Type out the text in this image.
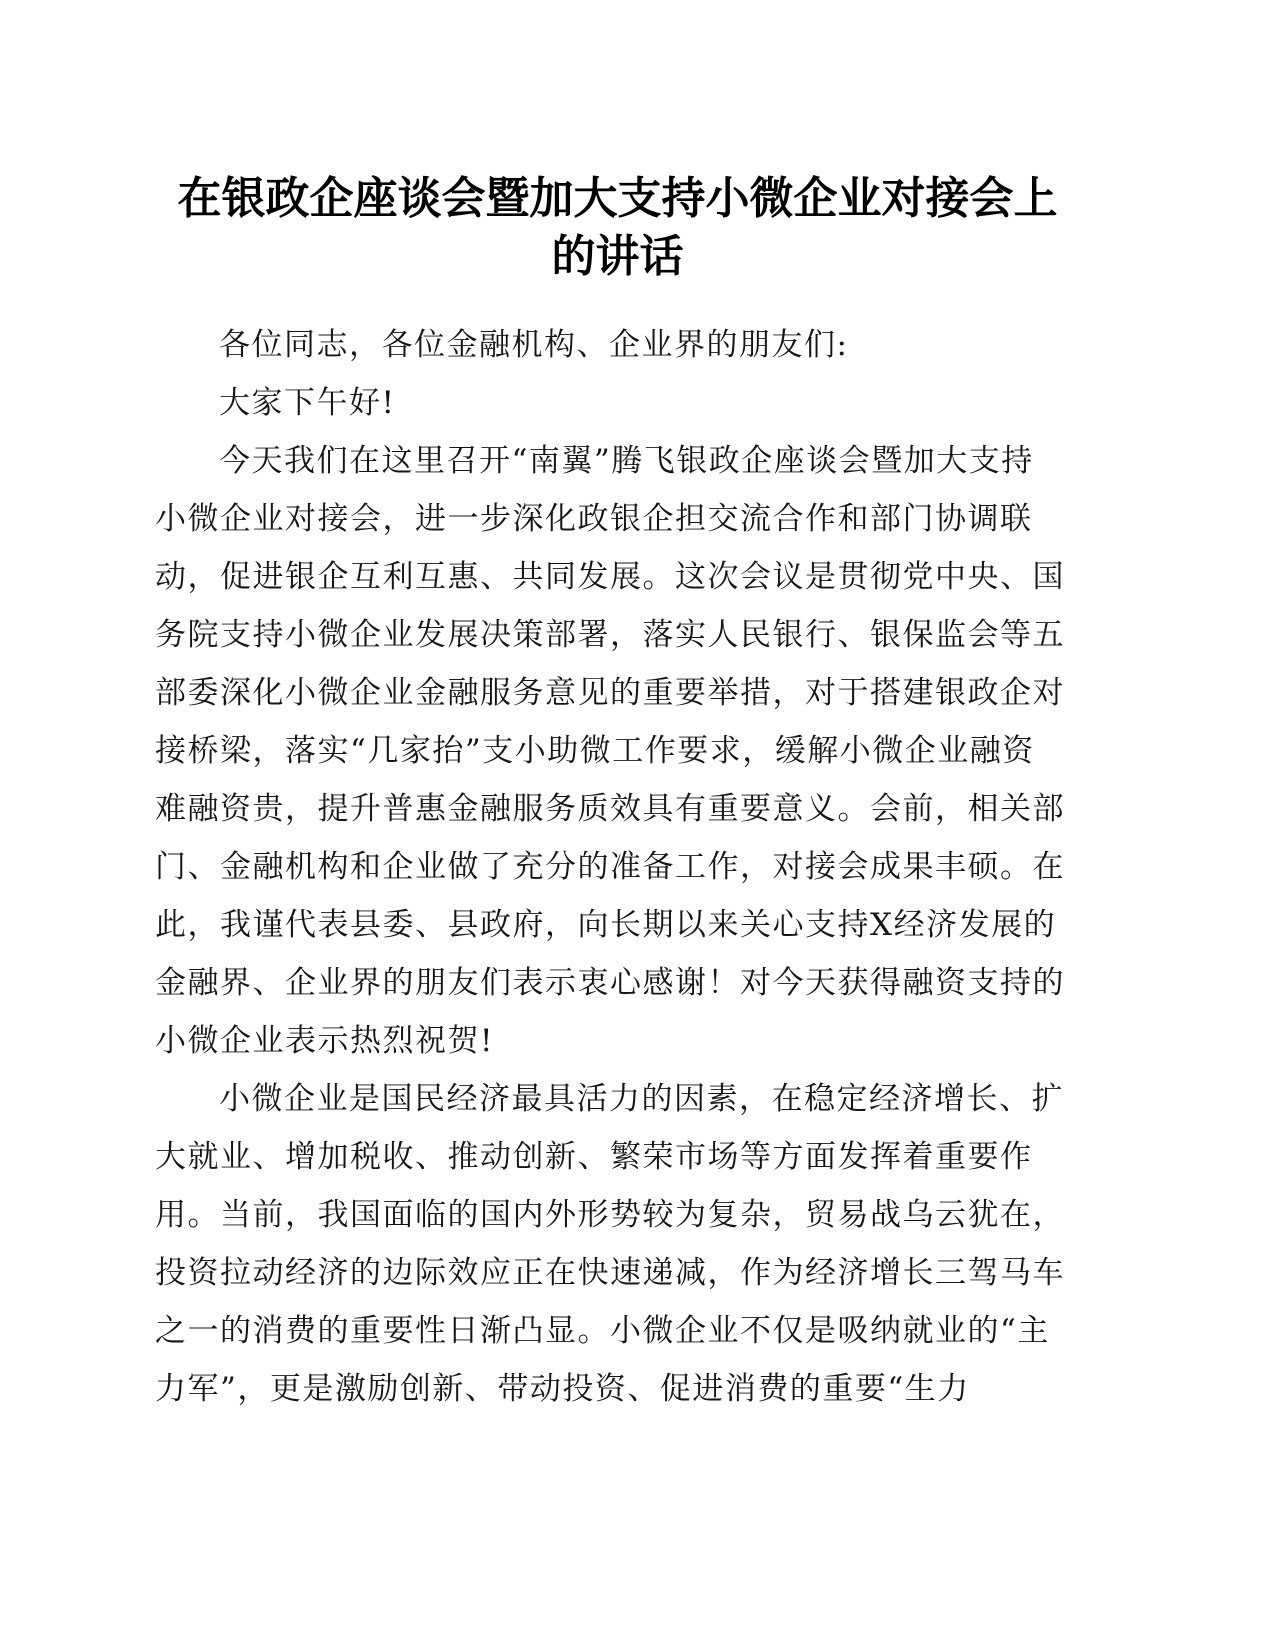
在银政企座谈会暨加大支持小微企业对接会上
的讲话
各位同志，各位金融机构、企业界的朋友们:
大家下午好!
今天我们在这里召开“南翼”腾飞银政企座谈会暨加大支持
小微企业对接会，进一步深化政银企担交流合作和部门协调联
动，促进银企互利互惠、共同发展。这次会议是贯彻党中央、国
务院支持小微企业发展决策部署，落实人民银行、银保监会等五
部委深化小微企业金融服务意见的重要举措，对于搭建银政企对
接桥梁，落实“几家抬”支小助微工作要求，缓解小微企业融资
难融资贵，提升普惠金融服务质效具有重要意义。会前，相关部
门、金融机构和企业做了充分的准备工作，对接会成果丰硕。在
此，我谨代表县委、县政府，向长期以来关心支持X经济发展的
金融界、企业界的朋友们表示衷心感谢！对今天获得融资支持的
小微企业表示热烈祝贺!
小微企业是国民经济最具活力的因素，在稳定经济增长、扩
大就业、增加税收、推动创新、繁荣市场等方面发挥着重要作
用。当前，我国面临的国内外形势较为复杂，贸易战乌云犹在，
投资拉动经济的边际效应正在快速递减，作为经济增长三驾马车
之一的消费的重要性日渐凸显。小微企业不仅是吸纳就业的“主
力军”，更是激励创新、带动投资、促进消费的重要“生力
